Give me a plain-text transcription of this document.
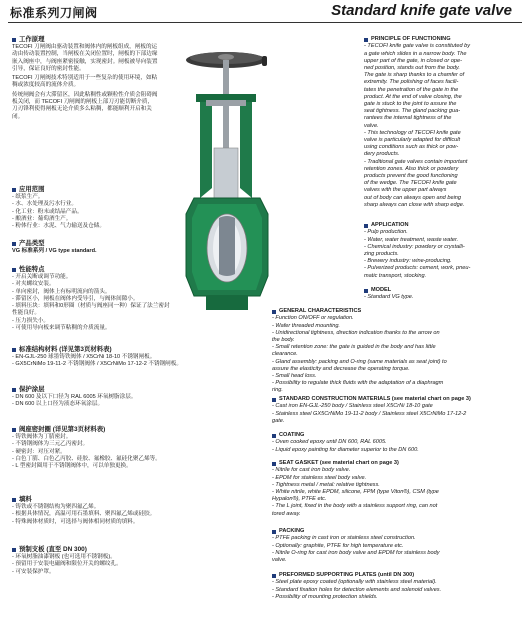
标准系列刀闸阀	Standard knife gate valve
工作原理

TECOFI 刀闸阀由驱动装置和阀体内的闸板组成，闸板的运动由传动装置控制，当闸板在关闭位置时，闸板的下部边缘嵌入阀座中，与阀座紧密接触，实现密封。闸板被导向装置引导，保证良好的密封性能。

TECOFI 刀闸阀技术特别适用于一些复杂的使用环境，如粘稠或浓度较高的流体介质。

传统闸阀会有大滞留区，因此粘稠性或颗粒性介质会阻碍阀板关闭，而 TECOFI 刀闸阀的闸板上部刀刃能切断介质，刀刃锋利使得闸板无论介质多么粘稠，都能顺利开启和关闭。

应用范围
- 纸浆生产。
- 水、水处理及污水行业。
- 化工业：粉末或结晶产品。
- 酿酒业：葡萄酒生产。
- 粉体行业：水泥、气力输送及仓储。
产品类型

VG 标准系列 / VG type standard.

性能特点
- 开启关断或调节功能。
- 对夹螺纹安装。
- 单向密封，阀体上有标明流向的箭头。
- 滞留区小，闸板在阀体内受导引，与阀体间隙小。
- 填料压块：填料和0形圈（材质与阀座同一种）保证了法兰密封性能良好。
- 压力损失小。
- 可使用导向板来调节粘稠的介质流量。
标准结构材料 (详见第3页材料表)
- EN-GJL-250 球墨铸铁阀体 / X5CrNi 18-10 不锈钢闸板。
- GX5CrNiMo 19-11-2 不锈钢阀体 / X5CrNiMo 17-12-2 不锈钢闸板。
保护涂层
- DN 600 及以下口径为 RAL 6005 环氧树脂涂层。
- DN 600 以上口径为液态环氧涂层。
阀座密封圈 (详见第3页材料表)
- 铸铁阀体为丁腈密封。
- 不锈钢阀体为三元乙丙密封。
- 硬密封：对压对紧。
- 白色丁腈、白色乙丙胶、硅胶、氟橡胶、氟硅化聚乙烯等。
- L 型密封圈用于不锈钢阀体中，可以单独更换。
填料
- 铸铁或不锈钢结构为聚四氟乙烯。
- 根据具体情况，高温可用石墨填料、聚四氟乙烯或硅胶。
- 特殊阀体材质时，可选择与阀体相同材质的填料。
预制支板 (直至 DN 300)
- 环氧树脂油漆钢板 (也可选用不锈钢板)。
- 预留用于安装电磁阀和限位开关的螺纹孔。
- 可安装保护罩。
PRINCIPLE OF FUNCTIONING
- TECOFI knife gate valve is constituted by
a gate which slides in a narrow body. The
upper part of the gate, in closed or ope-
ned position, stands out from the body.
The gate is sharp thanks to a chamfer of
extremity. The polishing of faces facili-
tates the penetration of the gate in the
product. At the end of valve closing, the
gate is stuck to the joint to assure the
seat tightness. The gland packing gua-
rantees the internal tightness of the
valve.
- This technology of TECOFI knife gate
valve is particularly adapted for difficult
using conditions such as thick or pow-
dery products.
- Traditional gate valves contain important
retention zones. Also thick or powdery
products prevent the good functioning
of the wedge. The TECOFI knife gate
valves with the upper part always
out of body can always open and being
sharp always can close with sharp edge.
APPLICATION
- Pulp production.
- Water, water treatment, waste water.
- Chemical industry: powdery or crystalli-
zing products.
- Brewery industry: wine-producing.
- Pulverized products: cement, work, pneu-
matic transport, stocking.
MODEL
- Standard VG type.
GENERAL CHARACTERISTICS
- Function ON/OFF or regulation.
- Wafer threaded mounting.
- Unidirectional tightness, direction indication thanks to the arrow on
the body.
- Small retention zone: the gate is guided in the body and has little
clearance.
- Gland assembly: packing and O-ring (same materials as seat joint) to
assure the elasticity and decrease the operating torque.
- Small head loss.
- Possibility to regulate thick fluids with the adaptation of a diaphragm
ring.
STANDARD CONSTRUCTION MATERIALS (see material chart on page 3)
- Cast iron EN-GJL-250 body / Stainless steel X5CrNi 18-10 gate
- Stainless steel GX5CrNiMo 19-11-2 body / Stainless steel X5CrNiMo 17-12-2
gate.
COATING
- Oven cooked epoxy until DN 600, RAL 6005.
- Liquid epoxy painting for diameter superior to the DN 600.
SEAT GASKET (see material chart on page 3)
- Nitrile for cast iron body valve.
- EPDM for stainless steel body valve.
- Tightness metal / metal: relative tightness.
- White nitrile, white EPDM, silicone, FPM (type Viton®), CSM (type
Hypalon®), PTFE etc.
- The L joint, fixed in the body with a stainless support ring, can not
tored away.
PACKING
- PTFE packing in cast iron or stainless steel construction.
- Optionally: graphite, PTFE for high temperature etc.
- Nitrile O-ring for cast iron body valve and EPDM for stainless body
valve.
PREFORMED SUPPORTING PLATES (until DN 300)
- Steel plate epoxy coated (optionally with stainless steel material).
- Standard fixation holes for detection elements and solenoid valves.
- Possibility of mounting protection shields.
